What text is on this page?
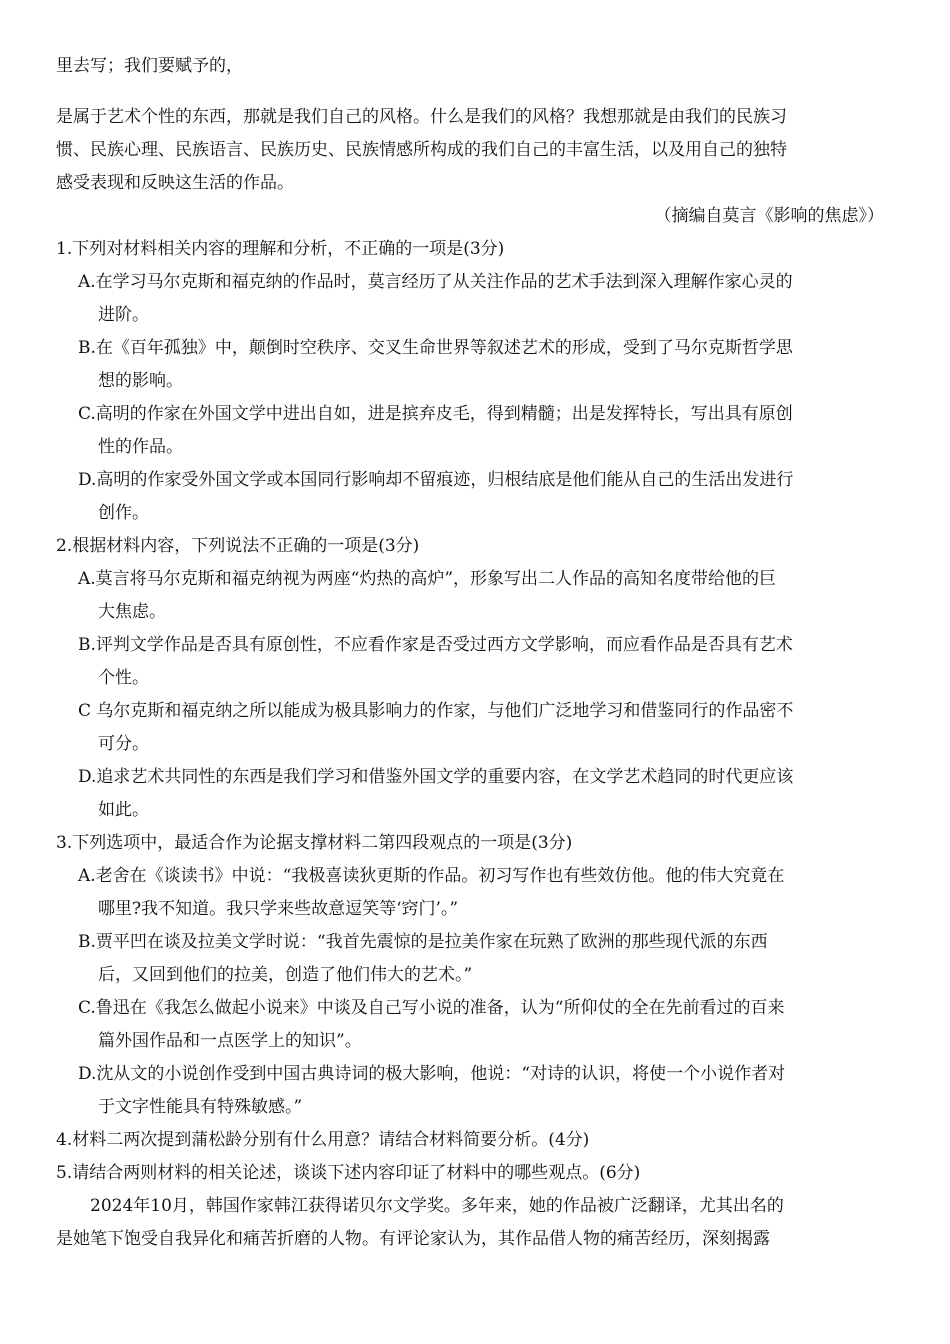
里去写；我们要赋予的，

是属于艺术个性的东西，那就是我们自己的风格。什么是我们的风格？我想那就是由我们的民族习

惯、民族心理、民族语言、民族历史、民族情感所构成的我们自己的丰富生活，以及用自己的独特

感受表现和反映这生活的作品。

（摘编自莫言《影响的焦虑》）

1.下列对材料相关内容的理解和分析，不正确的一项是(3分)

A.在学习马尔克斯和福克纳的作品时，莫言经历了从关注作品的艺术手法到深入理解作家心灵的
进阶。
B.在《百年孤独》中，颠倒时空秩序、交叉生命世界等叙述艺术的形成，受到了马尔克斯哲学思
想的影响。
C.高明的作家在外国文学中进出自如，进是摈弃皮毛，得到精髓；出是发挥特长，写出具有原创
性的作品。
D.高明的作家受外国文学或本国同行影响却不留痕迹，归根结底是他们能从自己的生活出发进行
创作。

2.根据材料内容，下列说法不正确的一项是(3分)

A.莫言将马尔克斯和福克纳视为两座“灼热的高炉”，形象写出二人作品的高知名度带给他的巨
大焦虑。
B.评判文学作品是否具有原创性，不应看作家是否受过西方文学影响，而应看作品是否具有艺术
个性。
C 乌尔克斯和福克纳之所以能成为极具影响力的作家，与他们广泛地学习和借鉴同行的作品密不
可分。
D.追求艺术共同性的东西是我们学习和借鉴外国文学的重要内容，在文学艺术趋同的时代更应该
如此。

3.下列选项中，最适合作为论据支撑材料二第四段观点的一项是(3分)

A.老舍在《谈读书》中说：“我极喜读狄更斯的作品。初习写作也有些效仿他。他的伟大究竟在
哪里?我不知道。我只学来些故意逗笑等‘窍门’。”
B.贾平凹在谈及拉美文学时说：“我首先震惊的是拉美作家在玩熟了欧洲的那些现代派的东西
后，又回到他们的拉美，创造了他们伟大的艺术。”
C.鲁迅在《我怎么做起小说来》中谈及自己写小说的准备，认为“所仰仗的全在先前看过的百来
篇外国作品和一点医学上的知识”。
D.沈从文的小说创作受到中国古典诗词的极大影响，他说：“对诗的认识，将使一个小说作者对
于文字性能具有特殊敏感。”

4.材料二两次提到蒲松龄分别有什么用意？请结合材料简要分析。(4分)

5.请结合两则材料的相关论述，谈谈下述内容印证了材料中的哪些观点。(6分)

2024年10月，韩国作家韩江获得诺贝尔文学奖。多年来，她的作品被广泛翻译，尤其出名的

是她笔下饱受自我异化和痛苦折磨的人物。有评论家认为，其作品借人物的痛苦经历，深刻揭露
